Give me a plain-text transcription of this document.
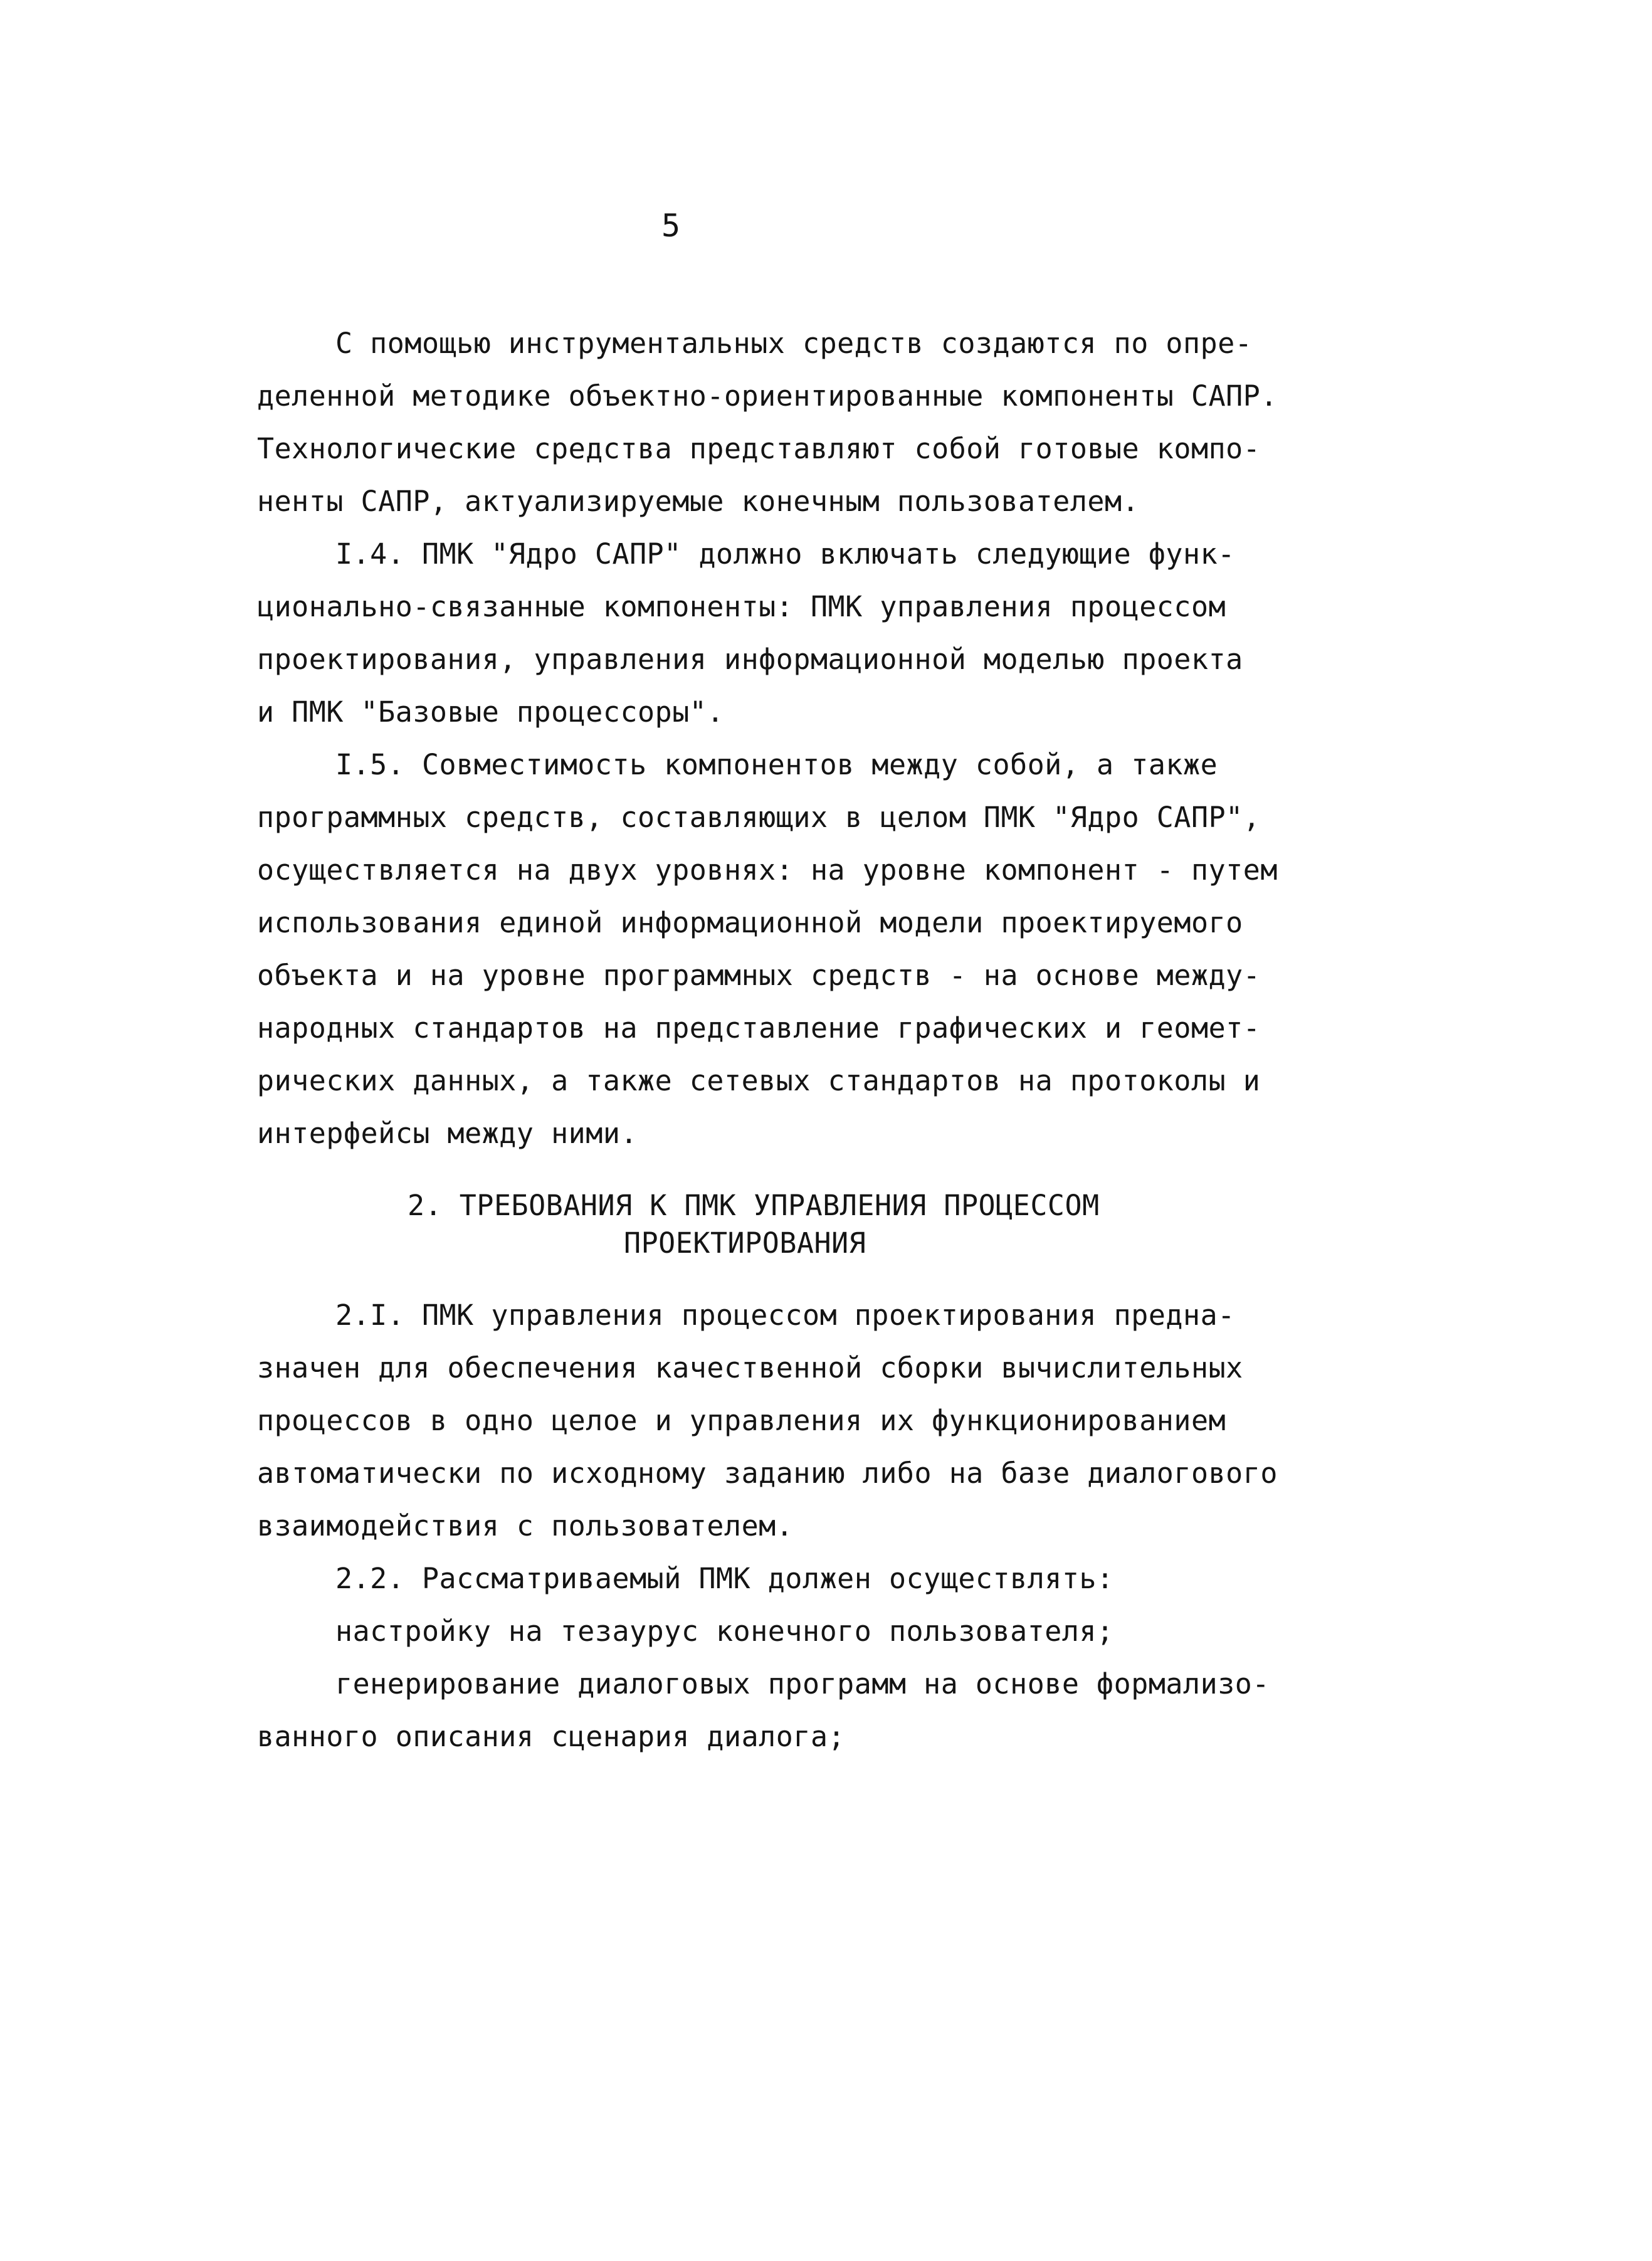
5
С помощью инструментальных средств создаются по опре-
деленной методике объектно-ориентированные компоненты САПР.
Технологические средства представляют собой готовые компо-
ненты САПР, актуализируемые конечным пользователем.
I.4. ПМК "Ядро САПР" должно включать следующие функ-
ционально-связанные компоненты: ПМК управления процессом
проектирования, управления информационной моделью проекта
и ПМК "Базовые процессоры".
I.5. Совместимость компонентов между собой, а также
программных средств, составляющих в целом ПМК "Ядро САПР",
осуществляется на двух уровнях: на уровне компонент - путем
использования единой информационной модели проектируемого
объекта и на уровне программных средств - на основе между-
народных стандартов на представление графических и геомет-
рических данных, а также сетевых стандартов на протоколы и
интерфейсы между ними.
2. ТРЕБОВАНИЯ К ПМК УПРАВЛЕНИЯ ПРОЦЕССОМ
ПРОЕКТИРОВАНИЯ
2.I. ПМК управления процессом проектирования предна-
значен для обеспечения качественной сборки вычислительных
процессов в одно целое и управления их функционированием
автоматически по исходному заданию либо на базе диалогового
взаимодействия с пользователем.
2.2. Рассматриваемый ПМК должен осуществлять:
настройку на тезаурус конечного пользователя;
генерирование диалоговых программ на основе формализо-
ванного описания сценария диалога;
